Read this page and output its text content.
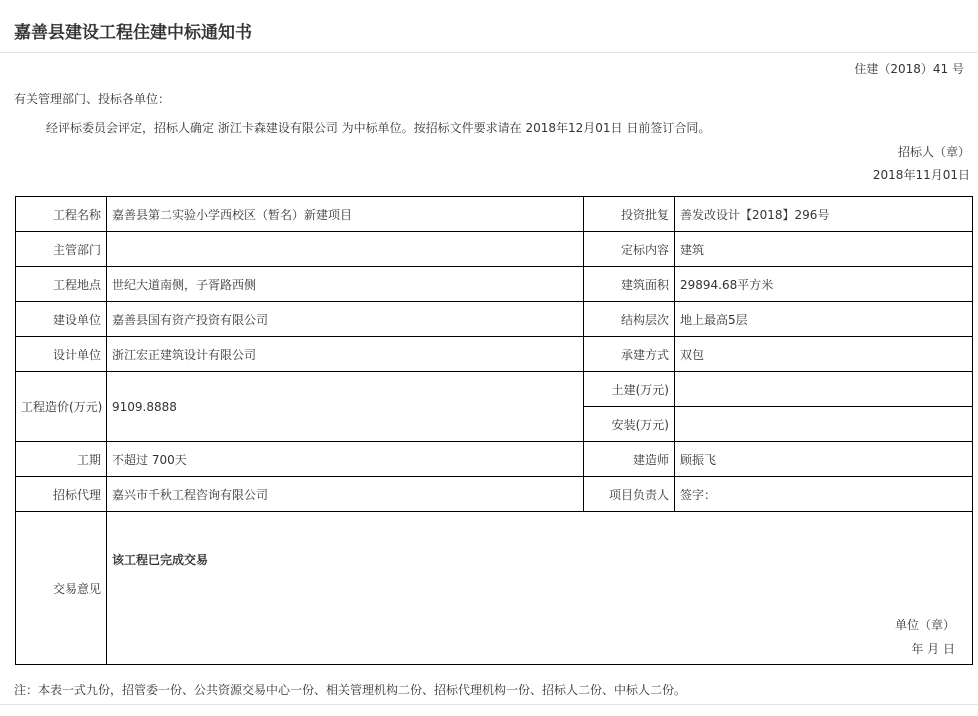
嘉善县建设工程住建中标通知书
住建（2018）41 号
有关管理部门、投标各单位：
经评标委员会评定，招标人确定 浙江卡森建设有限公司 为中标单位。按招标文件要求请在 2018年12月01日 日前签订合同。
招标人（章）
2018年11月01日
工程名称	嘉善县第二实验小学西校区（暂名）新建项目	投资批复	善发改设计【2018】296号
主管部门		定标内容	建筑
工程地点	世纪大道南侧，子胥路西侧	建筑面积	29894.68平方米
建设单位	嘉善县国有资产投资有限公司	结构层次	地上最高5层
设计单位	浙江宏正建筑设计有限公司	承建方式	双包
工程造价(万元)	9109.8888	土建(万元)	
		安装(万元)	
工期	不超过 700天	建造师	顾振飞
招标代理	嘉兴市千秋工程咨询有限公司	项目负责人	签字：
交易意见	该工程已完成交易
单位（章）
年 月 日		
注：本表一式九份，招管委一份、公共资源交易中心一份、相关管理机构二份、招标代理机构一份、招标人二份、中标人二份。
